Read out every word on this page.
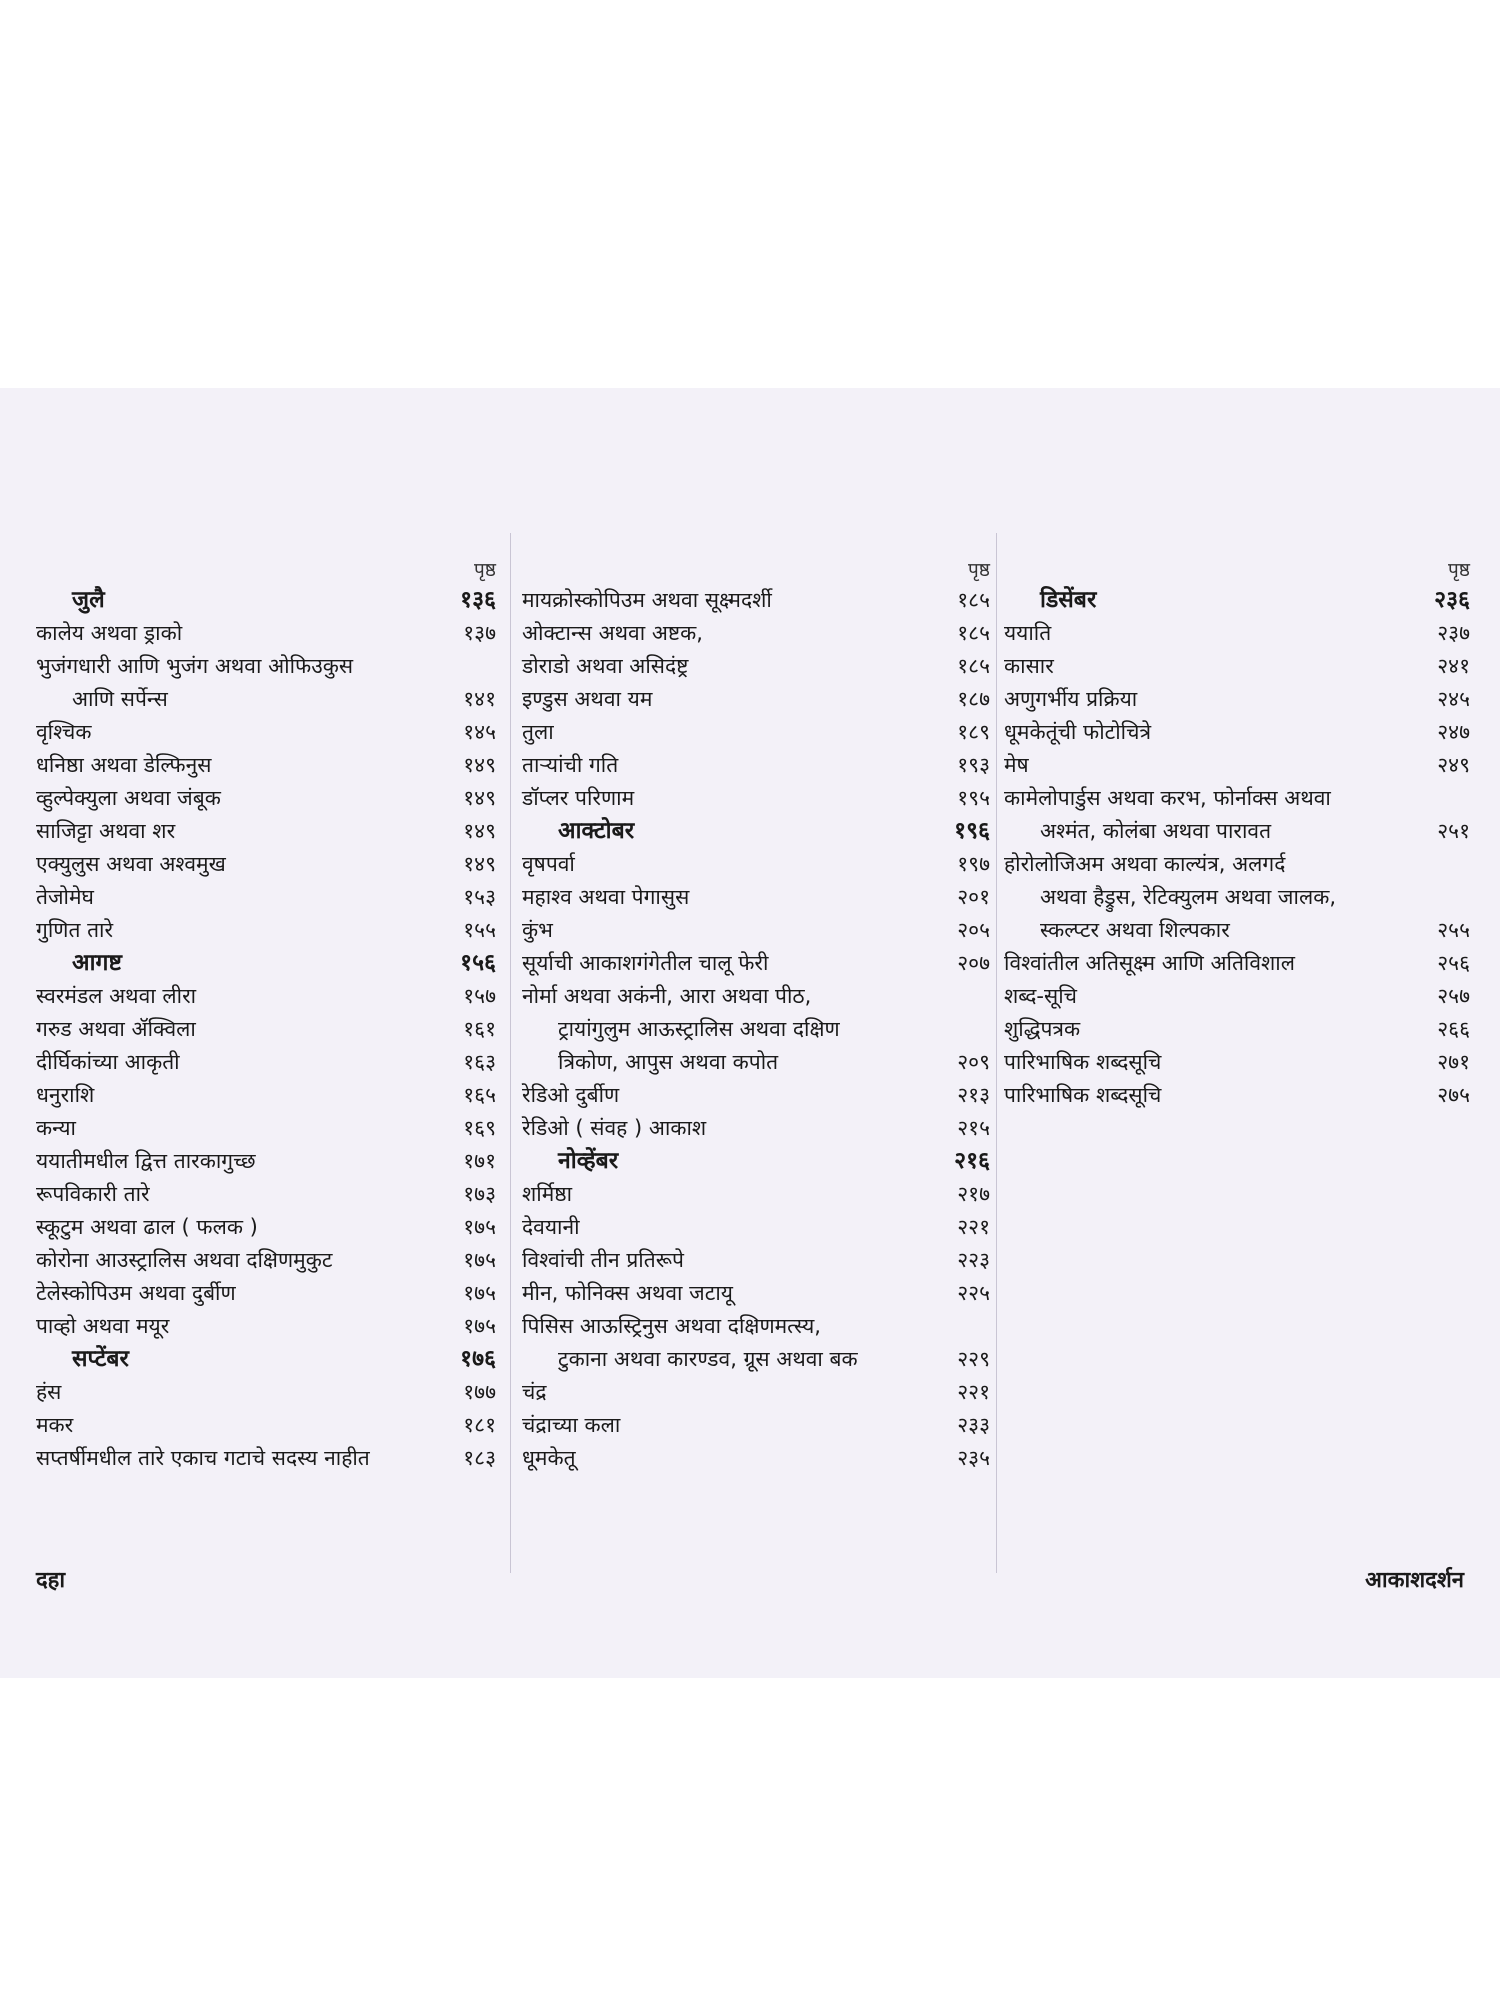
पृष्ठ
जुलै	१३६
कालेय अथवा ड्राको	१३७
भुजंगधारी आणि भुजंग अथवा ओफिउकुस
आणि सर्पेन्स	१४१
वृश्चिक	१४५
धनिष्ठा अथवा डेल्फिनुस	१४९
व्हुल्पेक्युला अथवा जंबूक	१४९
साजिट्टा अथवा शर	१४९
एक्युलुस अथवा अश्वमुख	१४९
तेजोमेघ	१५३
गुणित तारे	१५५
आगष्ट	१५६
स्वरमंडल अथवा लीरा	१५७
गरुड अथवा ॲक्विला	१६१
दीर्घिकांच्या आकृती	१६३
धनुराशि	१६५
कन्या	१६९
ययातीमधील द्वित्त तारकागुच्छ	१७१
रूपविकारी तारे	१७३
स्कूटुम अथवा ढाल ( फलक )	१७५
कोरोना आउस्ट्रालिस अथवा दक्षिणमुकुट	१७५
टेलेस्कोपिउम अथवा दुर्बीण	१७५
पाव्हो अथवा मयूर	१७५
सप्टेंबर	१७६
हंस	१७७
मकर	१८१
सप्तर्षीमधील तारे एकाच गटाचे सदस्य नाहीत	१८३
पृष्ठ
मायक्रोस्कोपिउम अथवा सूक्ष्मदर्शी	१८५
ओक्टान्स अथवा अष्टक,	१८५
डोराडो अथवा असिदंष्ट्र	१८५
इण्डुस अथवा यम	१८७
तुला	१८९
ताऱ्यांची गति	१९३
डॉप्लर परिणाम	१९५
आक्टोबर	१९६
वृषपर्वा	१९७
महाश्व अथवा पेगासुस	२०१
कुंभ	२०५
सूर्याची आकाशगंगेतील चालू फेरी	२०७
नोर्मा अथवा अकंनी, आरा अथवा पीठ,
ट्रायांगुलुम आऊस्ट्रालिस अथवा दक्षिण
त्रिकोण, आपुस अथवा कपोत	२०९
रेडिओ दुर्बीण	२१३
रेडिओ ( संवह ) आकाश	२१५
नोव्हेंबर	२१६
शर्मिष्ठा	२१७
देवयानी	२२१
विश्वांची तीन प्रतिरूपे	२२३
मीन, फोनिक्स अथवा जटायू	२२५
पिसिस आऊस्ट्रिनुस अथवा दक्षिणमत्स्य,
टुकाना अथवा कारण्डव, ग्रूस अथवा बक	२२९
चंद्र	२२१
चंद्राच्या कला	२३३
धूमकेतू	२३५
पृष्ठ
डिसेंबर	२३६
ययाति	२३७
कासार	२४१
अणुगर्भीय प्रक्रिया	२४५
धूमकेतूंची फोटोचित्रे	२४७
मेष	२४९
कामेलोपार्डुस अथवा करभ, फोर्नाक्स अथवा
अश्मंत, कोलंबा अथवा पारावत	२५१
होरोलोजिअम अथवा काल्यंत्र, अलगर्द
अथवा हैड्रुस, रेटिक्युलम अथवा जालक,
स्कल्प्टर अथवा शिल्पकार	२५५
विश्वांतील अतिसूक्ष्म आणि अतिविशाल	२५६
शब्द-सूचि	२५७
शुद्धिपत्रक	२६६
पारिभाषिक शब्दसूचि	२७१
पारिभाषिक शब्दसूचि	२७५
दहा	आकाशदर्शन
